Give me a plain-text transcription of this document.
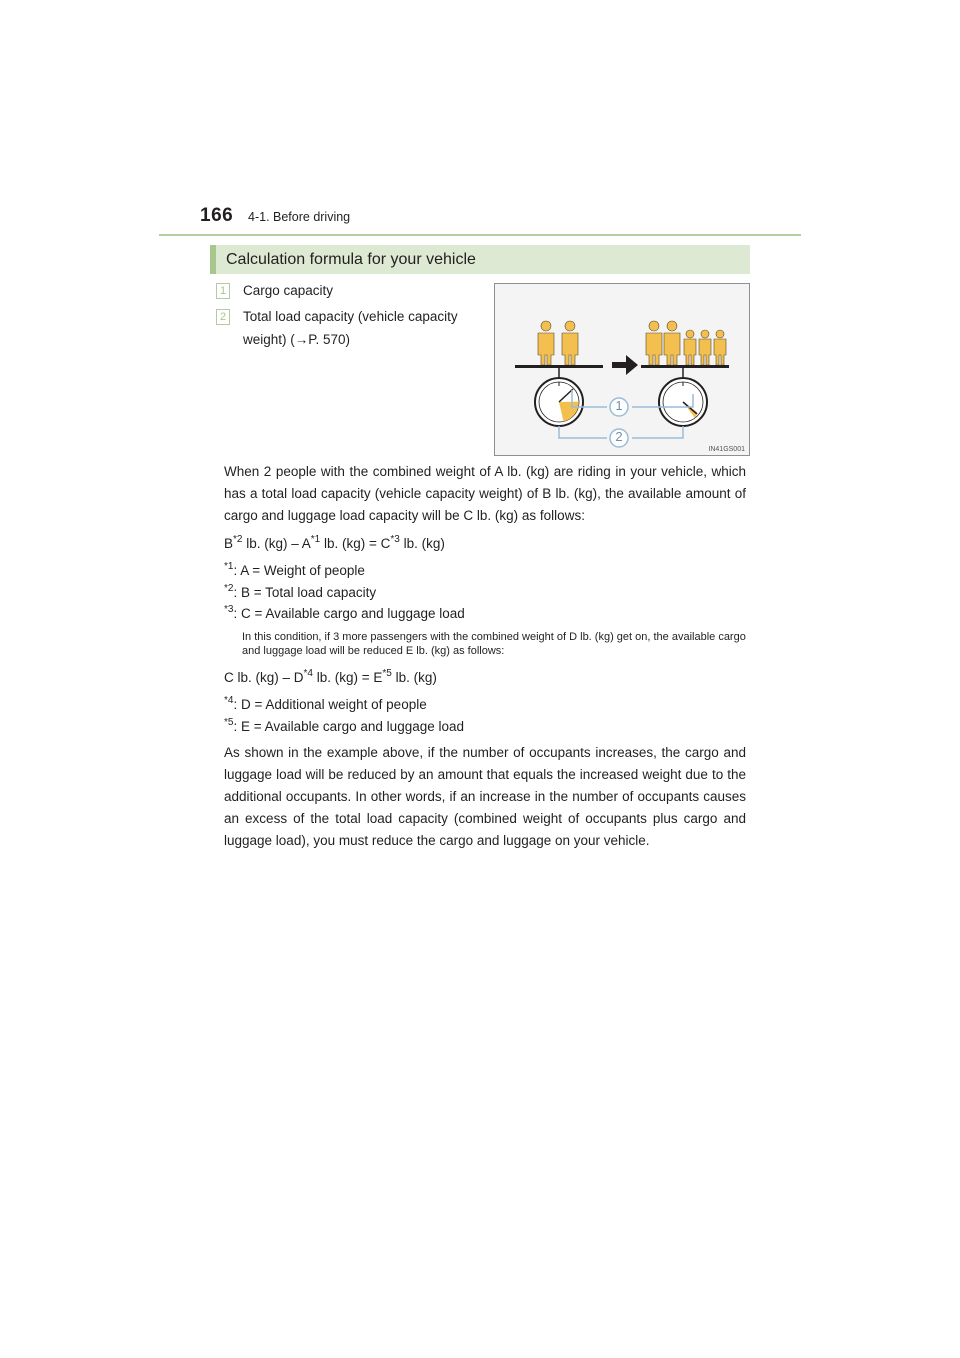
166 4-1. Before driving
Calculation formula for your vehicle
1 Cargo capacity
2 Total load capacity (vehicle capacity
weight) (→P. 570)
1
2
IN41GS001
When 2 people with the combined weight of A lb. (kg) are riding in your vehicle, which has a total load capacity (vehicle capacity weight) of B lb. (kg), the available amount of cargo and luggage load capacity will be C lb. (kg) as follows:
$B^{*2}$ lb. $(kg) - A^{*1}$ lb. $(kg) = C^{*3}$ lb. (kg)
$^{*1}$: A = Weight of people
$^{*2}$: B = Total load capacity
$^{*3}$: C = Available cargo and luggage load
In this condition, if 3 more passengers with the combined weight of D lb. (kg) get on, the available cargo and luggage load will be reduced E lb. (kg) as follows:
C lb. $(kg) - D^{*4}$ lb. $(kg) = E^{*5}$ lb. (kg)
$^{*4}$: D = Additional weight of people
$^{*5}$: E = Available cargo and luggage load
As shown in the example above, if the number of occupants increases, the cargo and luggage load will be reduced by an amount that equals the increased weight due to the additional occupants. In other words, if an increase in the number of occupants causes an excess of the total load capacity (combined weight of occupants plus cargo and luggage load), you must reduce the cargo and luggage on your vehicle.
